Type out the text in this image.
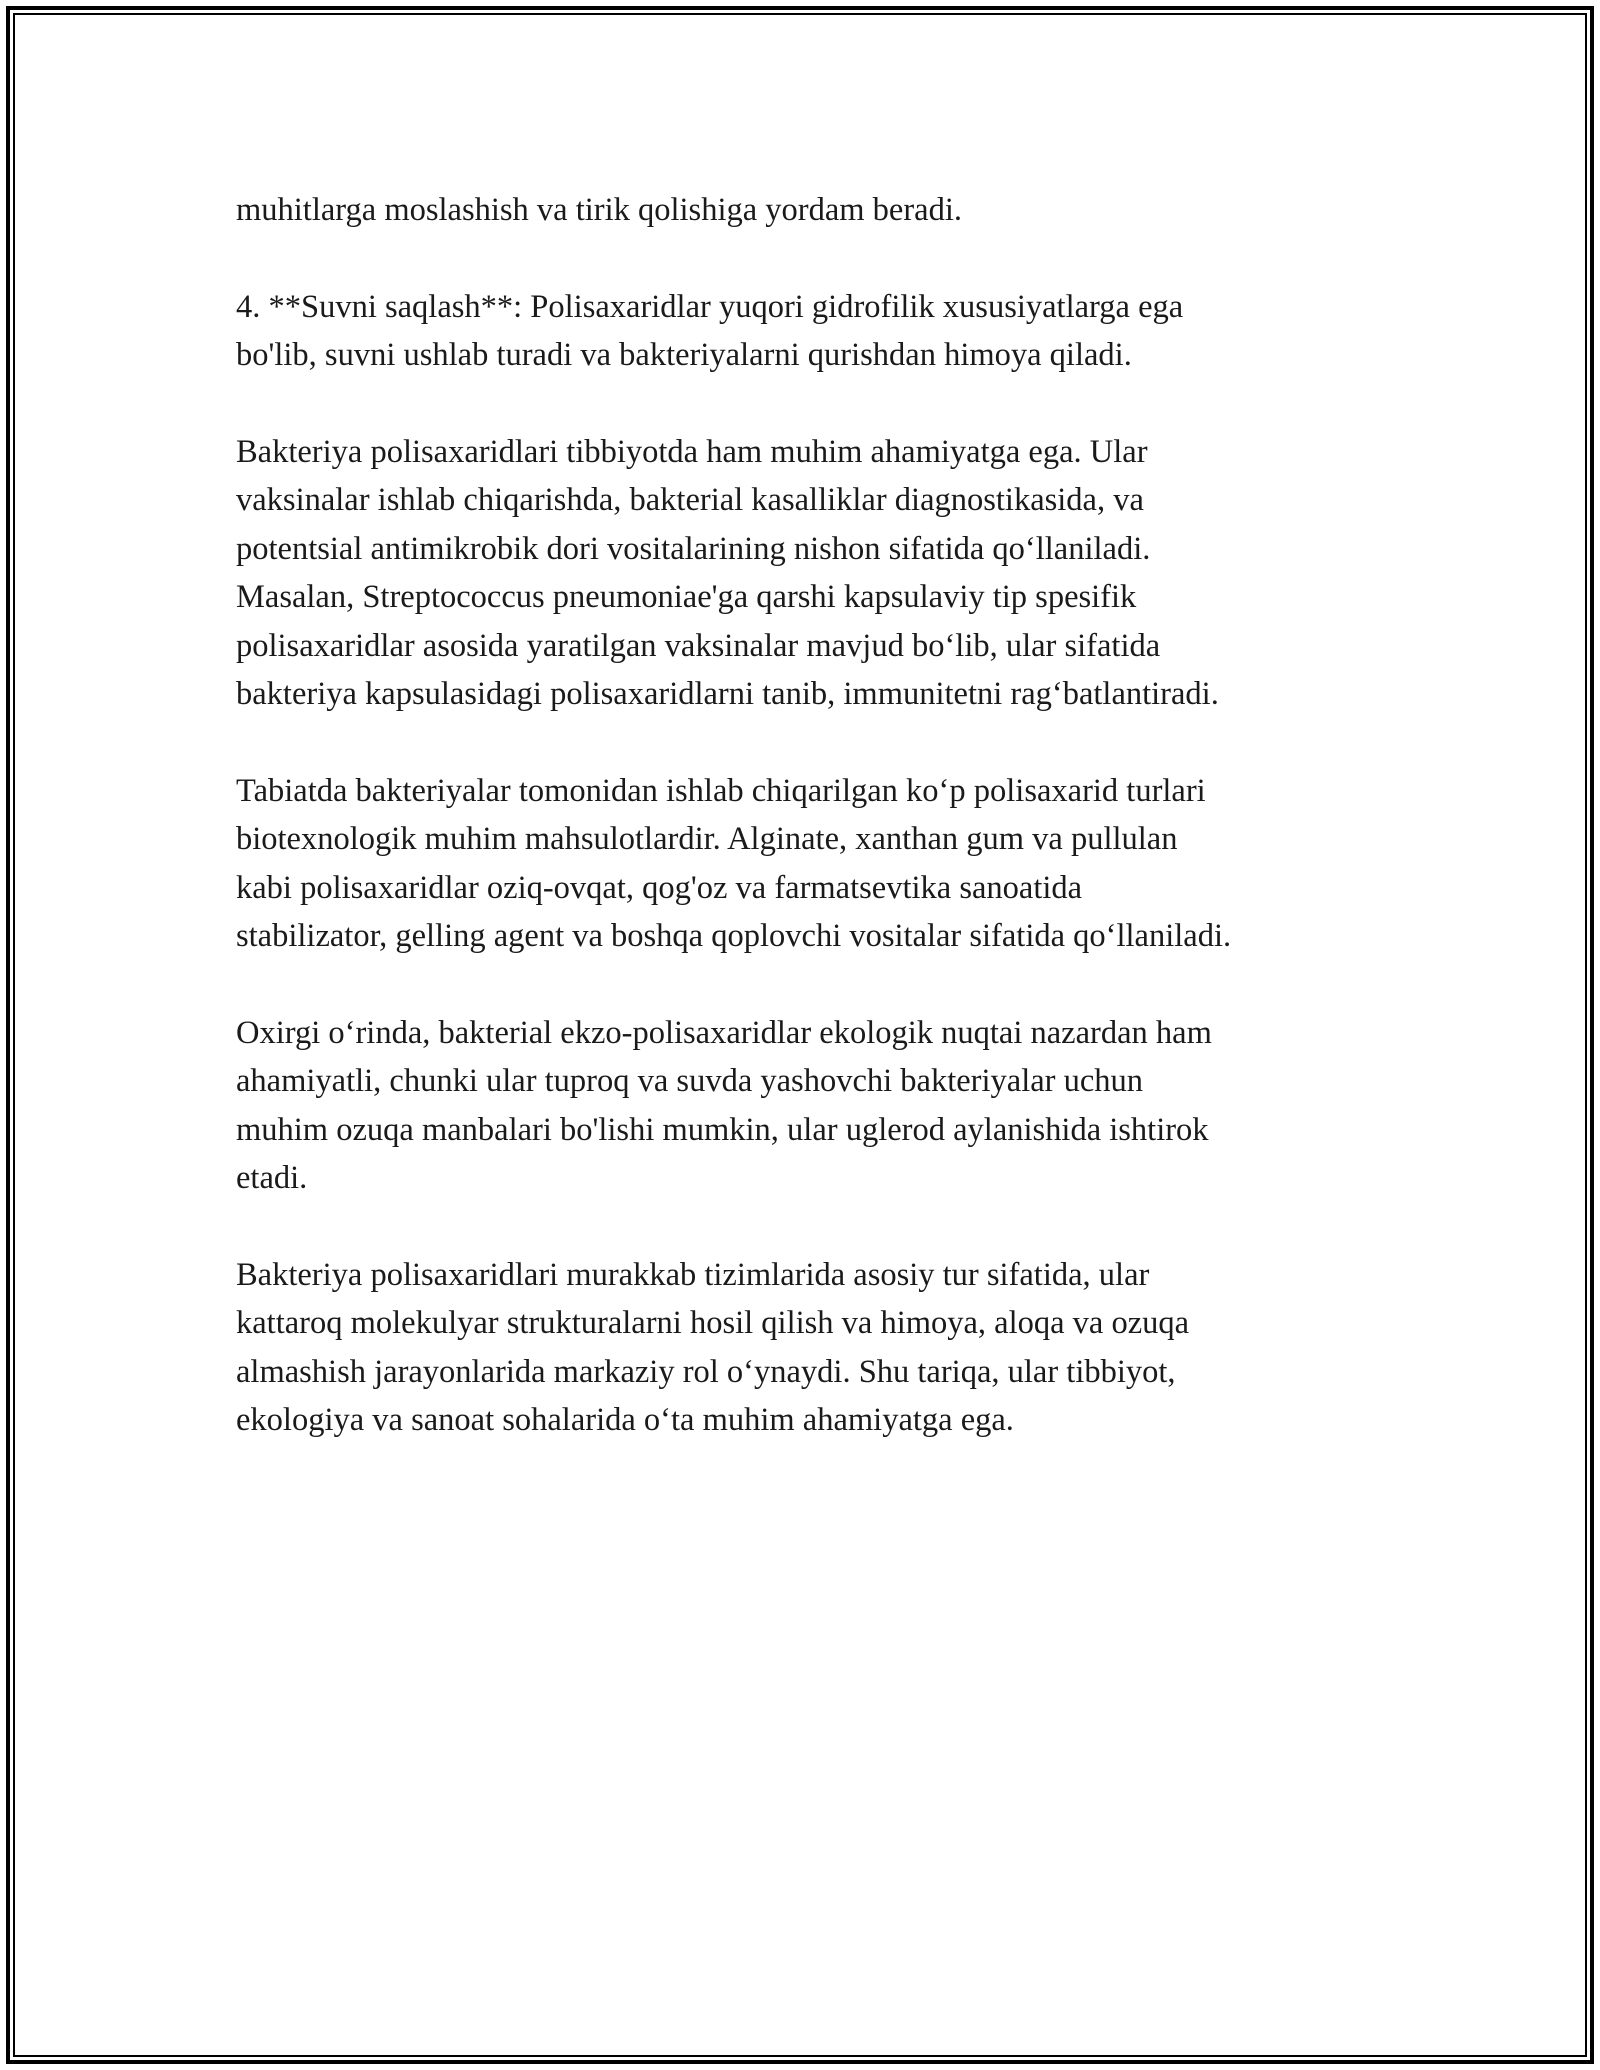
muhitlarga moslashish va tirik qolishiga yordam beradi.

4. **Suvni saqlash**: Polisaxaridlar yuqori gidrofilik xususiyatlarga ega
bo'lib, suvni ushlab turadi va bakteriyalarni qurishdan himoya qiladi.

Bakteriya polisaxaridlari tibbiyotda ham muhim ahamiyatga ega. Ular
vaksinalar ishlab chiqarishda, bakterial kasalliklar diagnostikasida, va
potentsial antimikrobik dori vositalarining nishon sifatida qo‘llaniladi.
Masalan, Streptococcus pneumoniae'ga qarshi kapsulaviy tip spesifik
polisaxaridlar asosida yaratilgan vaksinalar mavjud bo‘lib, ular sifatida
bakteriya kapsulasidagi polisaxaridlarni tanib, immunitetni rag‘batlantiradi.

Tabiatda bakteriyalar tomonidan ishlab chiqarilgan ko‘p polisaxarid turlari
biotexnologik muhim mahsulotlardir. Alginate, xanthan gum va pullulan
kabi polisaxaridlar oziq-ovqat, qog'oz va farmatsevtika sanoatida
stabilizator, gelling agent va boshqa qoplovchi vositalar sifatida qo‘llaniladi.

Oxirgi o‘rinda, bakterial ekzo-polisaxaridlar ekologik nuqtai nazardan ham
ahamiyatli, chunki ular tuproq va suvda yashovchi bakteriyalar uchun
muhim ozuqa manbalari bo'lishi mumkin, ular uglerod aylanishida ishtirok
etadi.

Bakteriya polisaxaridlari murakkab tizimlarida asosiy tur sifatida, ular
kattaroq molekulyar strukturalarni hosil qilish va himoya, aloqa va ozuqa
almashish jarayonlarida markaziy rol o‘ynaydi. Shu tariqa, ular tibbiyot,
ekologiya va sanoat sohalarida o‘ta muhim ahamiyatga ega.
